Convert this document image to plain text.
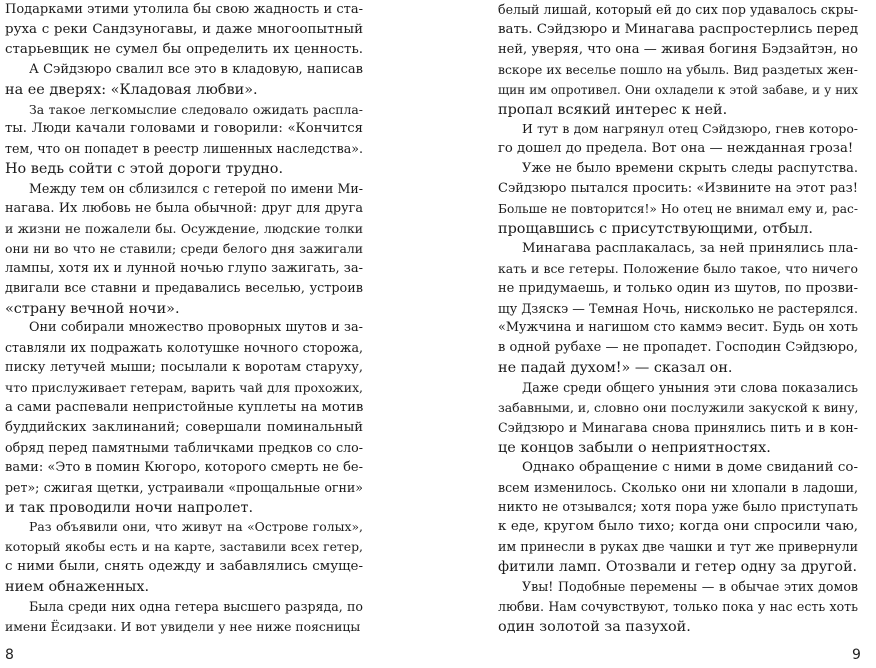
Подарками этими утолила бы свою жадность и ста-
руха с реки Сандзуногавы, и даже многоопытный
старьевщик не сумел бы определить их ценность.
А Сэйдзюро свалил все это в кладовую, написав
на ее дверях: «Кладовая любви».
За такое легкомыслие следовало ожидать распла-
ты. Люди качали головами и говорили: «Кончится
тем, что он попадет в реестр лишенных наследства».
Но ведь сойти с этой дороги трудно.
Между тем он сблизился с гетерой по имени Ми-
нагава. Их любовь не была обычной: друг для друга
и жизни не пожалели бы. Осуждение, людские толки
они ни во что не ставили; среди белого дня зажигали
лампы, хотя их и лунной ночью глупо зажигать, за-
двигали все ставни и предавались веселью, устроив
«страну вечной ночи».
Они собирали множество проворных шутов и за-
ставляли их подражать колотушке ночного сторожа,
писку летучей мыши; посылали к воротам старуху,
что прислуживает гетерам, варить чай для прохожих,
а сами распевали непристойные куплеты на мотив
буддийских заклинаний; совершали поминальный
обряд перед памятными табличками предков со сло-
вами: «Это в помин Кюгоро, которого смерть не бе-
рет»; сжигая щетки, устраивали «прощальные огни»
и так проводили ночи напролет.
Раз объявили они, что живут на «Острове голых»,
который якобы есть и на карте, заставили всех гетер,
с ними были, снять одежду и забавлялись смуще-
нием обнаженных.
Была среди них одна гетера высшего разряда, по
имени Ёсидзаки. И вот увидели у нее ниже поясницы
белый лишай, который ей до сих пор удавалось скры-
вать. Сэйдзюро и Минагава распростерлись перед
ней, уверяя, что она — живая богиня Бэдзайтэн, но
вскоре их веселье пошло на убыль. Вид раздетых жен-
щин им опротивел. Они охладели к этой забаве, и у них
пропал всякий интерес к ней.
И тут в дом нагрянул отец Сэйдзюро, гнев которо-
го дошел до предела. Вот она — нежданная гроза!
Уже не было времени скрыть следы распутства.
Сэйдзюро пытался просить: «Извините на этот раз!
Больше не повторится!» Но отец не внимал ему и, рас-
прощавшись с присутствующими, отбыл.
Минагава расплакалась, за ней принялись пла-
кать и все гетеры. Положение было такое, что ничего
не придумаешь, и только один из шутов, по прозви-
щу Дзяскэ — Темная Ночь, нисколько не растерялся.
«Мужчина и нагишом сто каммэ весит. Будь он хоть
в одной рубахе — не пропадет. Господин Сэйдзюро,
не падай духом!» — сказал он.
Даже среди общего уныния эти слова показались
забавными, и, словно они послужили закуской к вину,
Сэйдзюро и Минагава снова принялись пить и в кон-
це концов забыли о неприятностях.
Однако обращение с ними в доме свиданий со-
всем изменилось. Сколько они ни хлопали в ладоши,
никто не отзывался; хотя пора уже было приступать
к еде, кругом было тихо; когда они спросили чаю,
им принесли в руках две чашки и тут же привернули
фитили ламп. Отозвали и гетер одну за другой.
Увы! Подобные перемены — в обычае этих домов
любви. Нам сочувствуют, только пока у нас есть хоть
один золотой за пазухой.
8	9
